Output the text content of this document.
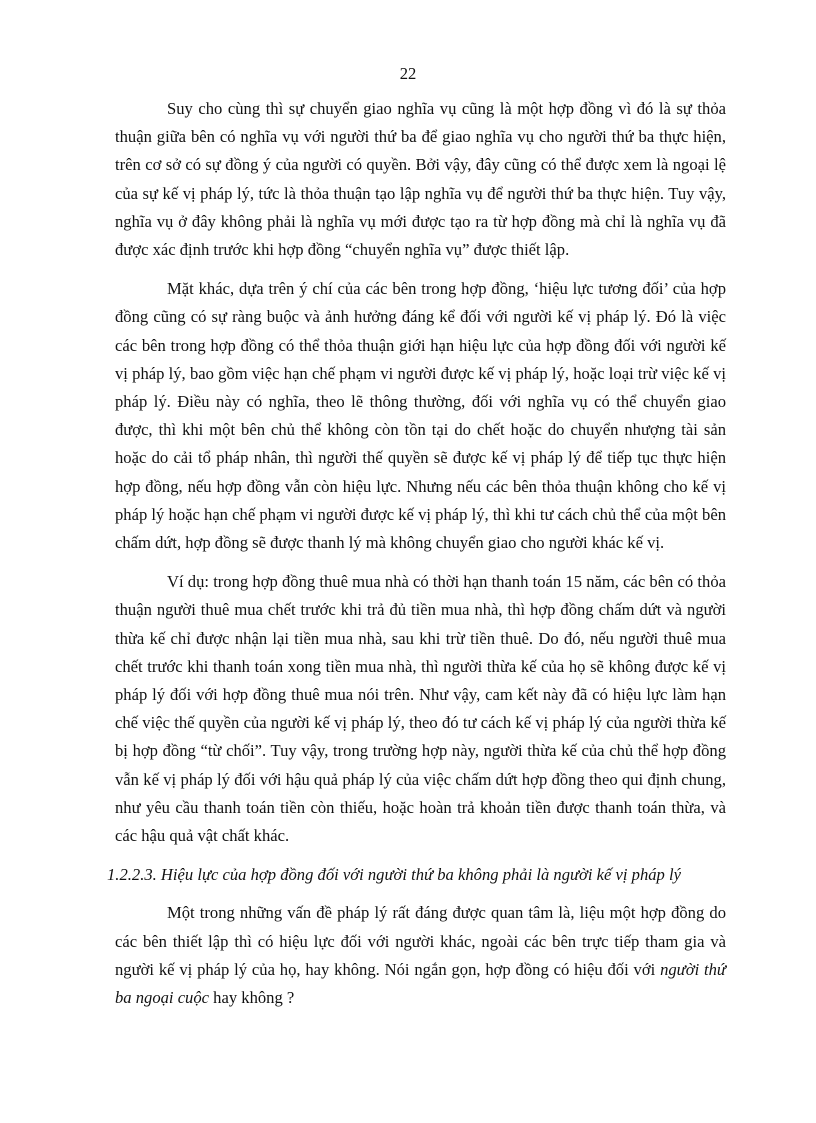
22

Suy cho cùng thì sự chuyển giao nghĩa vụ cũng là một hợp đồng vì đó là sự thỏa thuận giữa bên có nghĩa vụ với người thứ ba để giao nghĩa vụ cho người thứ ba thực hiện, trên cơ sở có sự đồng ý của người có quyền. Bởi vậy, đây cũng có thể được xem là ngoại lệ của sự kế vị pháp lý, tức là thỏa thuận tạo lập nghĩa vụ để người thứ ba thực hiện. Tuy vậy, nghĩa vụ ở đây không phải là nghĩa vụ mới được tạo ra từ hợp đồng mà chỉ là nghĩa vụ đã được xác định trước khi hợp đồng “chuyển nghĩa vụ” được thiết lập.

Mặt khác, dựa trên ý chí của các bên trong hợp đồng, ‘hiệu lực tương đối’ của hợp đồng cũng có sự ràng buộc và ảnh hưởng đáng kể đối với người kế vị pháp lý. Đó là việc các bên trong hợp đồng có thể thỏa thuận giới hạn hiệu lực của hợp đồng đối với người kế vị pháp lý, bao gồm việc hạn chế phạm vi người được kế vị pháp lý, hoặc loại trừ việc kế vị pháp lý. Điều này có nghĩa, theo lẽ thông thường, đối với nghĩa vụ có thể chuyển giao được, thì khi một bên chủ thể không còn tồn tại do chết hoặc do chuyển nhượng tài sản hoặc do cải tổ pháp nhân, thì người thế quyền sẽ được kế vị pháp lý để tiếp tục thực hiện hợp đồng, nếu hợp đồng vẫn còn hiệu lực. Nhưng nếu các bên thỏa thuận không cho kế vị pháp lý hoặc hạn chế phạm vi người được kế vị pháp lý, thì khi tư cách chủ thể của một bên chấm dứt, hợp đồng sẽ được thanh lý mà không chuyển giao cho người khác kế vị.

Ví dụ: trong hợp đồng thuê mua nhà có thời hạn thanh toán 15 năm, các bên có thỏa thuận người thuê mua chết trước khi trả đủ tiền mua nhà, thì hợp đồng chấm dứt và người thừa kế chỉ được nhận lại tiền mua nhà, sau khi trừ tiền thuê. Do đó, nếu người thuê mua chết trước khi thanh toán xong tiền mua nhà, thì người thừa kế của họ sẽ không được kế vị pháp lý đối với hợp đồng thuê mua nói trên. Như vậy, cam kết này đã có hiệu lực làm hạn chế việc thế quyền của người kế vị pháp lý, theo đó tư cách kế vị pháp lý của người thừa kế bị hợp đồng “từ chối”. Tuy vậy, trong trường hợp này, người thừa kế của chủ thể hợp đồng vẫn kế vị pháp lý đối với hậu quả pháp lý của việc chấm dứt hợp đồng theo qui định chung, như yêu cầu thanh toán tiền còn thiếu, hoặc hoàn trả khoản tiền được thanh toán thừa, và các hậu quả vật chất khác.

1.2.2.3. Hiệu lực của hợp đồng đối với người thứ ba không phải là người kế vị pháp lý

Một trong những vấn đề pháp lý rất đáng được quan tâm là, liệu một hợp đồng do các bên thiết lập thì có hiệu lực đối với người khác, ngoài các bên trực tiếp tham gia và người kế vị pháp lý của họ, hay không. Nói ngắn gọn, hợp đồng có hiệu đối với người thứ ba ngoại cuộc hay không ?
